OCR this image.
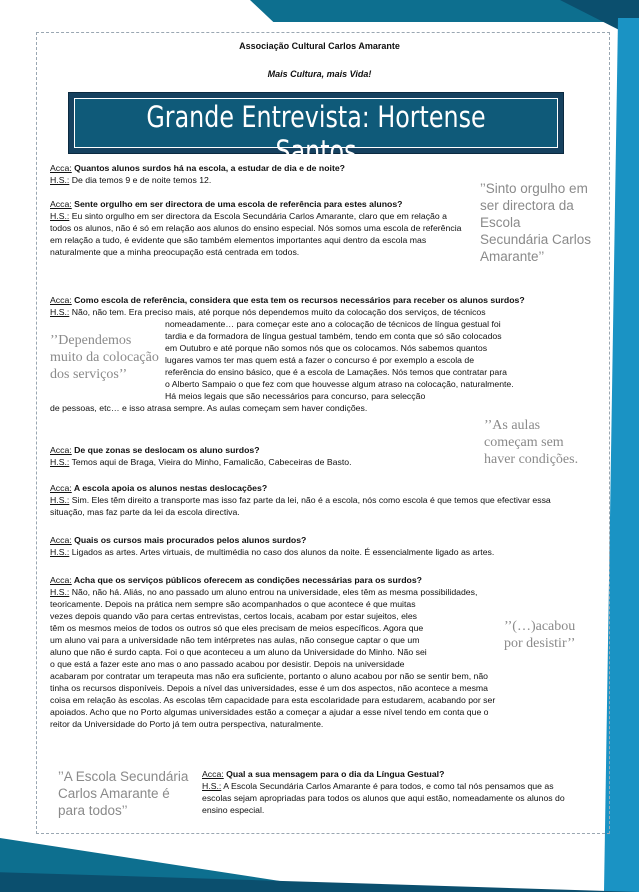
Associação Cultural Carlos Amarante
Mais Cultura, mais Vida!
Grande Entrevista: Hortense Santos
Acca: Quantos alunos surdos há na escola, a estudar de dia e de noite?
H.S.: De dia temos 9 e de noite temos 12.
Acca: Sente orgulho em ser directora de uma escola de referência para estes alunos?
H.S.: Eu sinto orgulho em ser directora da Escola Secundária Carlos Amarante, claro que em relação a todos os alunos, não é só em relação aos alunos do ensino especial. Nós somos uma escola de referência em relação a tudo, é evidente que são também elementos importantes aqui dentro da escola mas naturalmente que a minha preocupação está centrada em todos.
Acca: Como escola de referência, considera que esta tem os recursos necessários para receber os alunos surdos?
H.S.: Não, não tem. Era preciso mais, até porque nós dependemos muito da colocação dos serviços, de técnicos
nomeadamente… para começar este ano a colocação de técnicos de língua gestual foi
tardia e da formadora de língua gestual também, tendo em conta que só são colocados
em Outubro e até porque não somos nós que os colocamos. Nós sabemos quantos
lugares vamos ter mas quem está a fazer o concurso é por exemplo a escola de
referência do ensino básico, que é a escola de Lamaçães. Nós temos que contratar para
o Alberto Sampaio o que fez com que houvesse algum atraso na colocação, naturalmente.
Há meios legais que são necessários para concurso, para selecção
de pessoas, etc… e isso atrasa sempre. As aulas começam sem haver condições.
Acca: De que zonas se deslocam os aluno surdos?
H.S.: Temos aqui de Braga, Vieira do Minho, Famalicão, Cabeceiras de Basto.
Acca: A escola apoia os alunos nestas deslocações?
H.S.: Sim. Eles têm direito a transporte mas isso faz parte da lei, não é a escola, nós como escola é que temos que efectivar essa situação, mas faz parte da lei da escola directiva.
Acca: Quais os cursos mais procurados pelos alunos surdos?
H.S.: Ligados as artes. Artes virtuais, de multimédia no caso dos alunos da noite. É essencialmente ligado as artes.
Acca: Acha que os serviços públicos oferecem as condições necessárias para os surdos?
H.S.: Não, não há. Aliás, no ano passado um aluno entrou na universidade, eles têm as mesma possibilidades,
teoricamente. Depois na prática nem sempre são acompanhados o que acontece é que muitas
vezes depois quando vão para certas entrevistas, certos locais, acabam por estar sujeitos, eles
têm os mesmos meios de todos os outros só que eles precisam de meios específicos. Agora que
um aluno vai para a universidade não tem intérpretes nas aulas, não consegue captar o que um
aluno que não é surdo capta. Foi o que aconteceu a um aluno da Universidade do Minho. Não sei
o que está a fazer este ano mas o ano passado acabou por desistir. Depois na universidade
acabaram por contratar um terapeuta mas não era suficiente, portanto o aluno acabou por não se sentir bem, não
tinha os recursos disponíveis. Depois a nível das universidades, esse é um dos aspectos, não acontece a mesma
coisa em relação às escolas. As escolas têm capacidade para esta escolaridade para estudarem, acabando por ser
apoiados. Acho que no Porto algumas universidades estão a começar a ajudar a esse nível tendo em conta que o
reitor da Universidade do Porto já tem outra perspectiva, naturalmente.
Acca: Qual a sua mensagem para o dia da Língua Gestual?
H.S.: A Escola Secundária Carlos Amarante é para todos, e como tal nós pensamos que as escolas sejam apropriadas para todos os alunos que aqui estão, nomeadamente os alunos do ensino especial.
’’Sinto orgulho em ser directora da Escola Secundária Carlos Amarante’’
’’Dependemos muito da colocação dos serviços’’
’’As aulas começam sem haver condições.
’’(…)acabou por desistir’’
’’A Escola Secundária Carlos Amarante é para todos’’
